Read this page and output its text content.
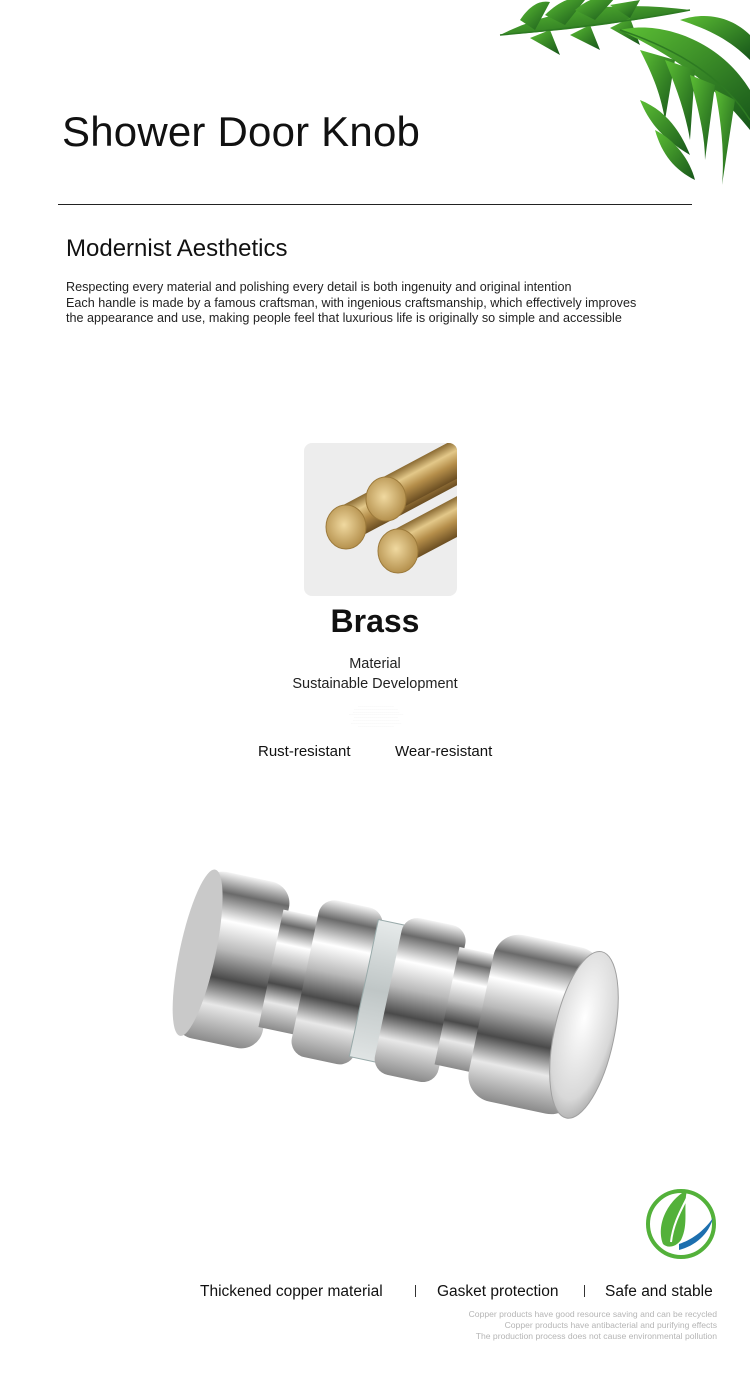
Shower Door Knob
Modernist Aesthetics
Respecting every material and polishing every detail is both ingenuity and original intention
Each handle is made by a famous craftsman, with ingenious craftsmanship, which effectively improves
the appearance and use, making people feel that luxurious life is originally so simple and accessible
Brass
Material
Sustainable Development
······················································
··································································
······································································
··················································································
··································································
······································································
············································································
······················································
Rust-resistant	Wear-resistant
Thickened copper material	Gasket protection	Safe and stable
Copper products have good resource saving and can be recycled
Copper products have antibacterial and purifying effects
The production process does not cause environmental pollution
